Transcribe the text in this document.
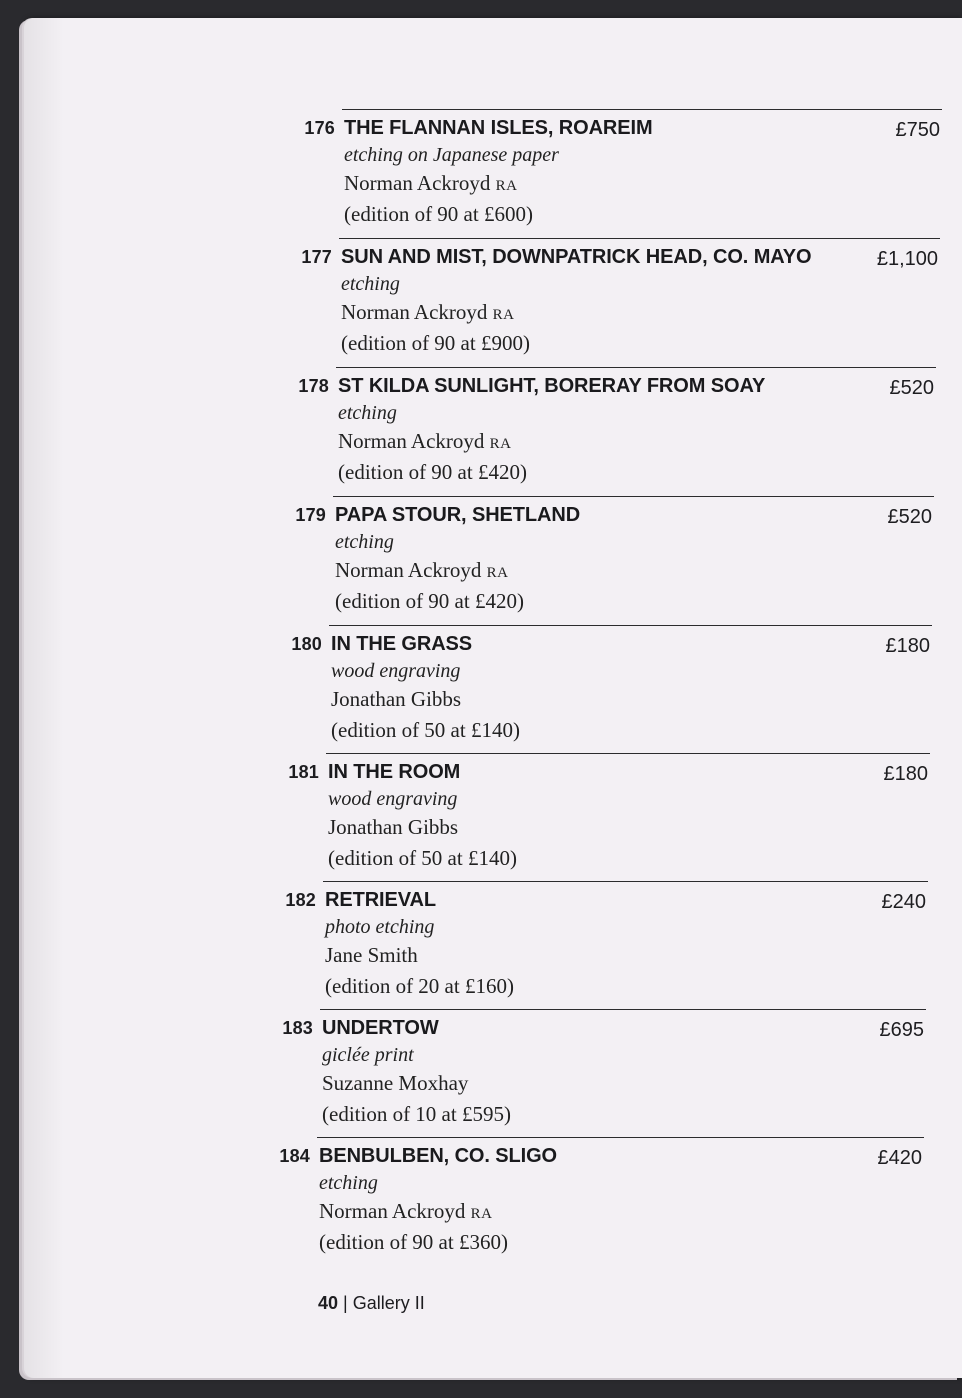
176 THE FLANNAN ISLES, ROAREIM
etching on Japanese paper
Norman Ackroyd RA
(edition of 90 at £600)
£750
177 SUN AND MIST, DOWNPATRICK HEAD, CO. MAYO
etching
Norman Ackroyd RA
(edition of 90 at £900)
£1,100
178 ST KILDA SUNLIGHT, BORERAY FROM SOAY
etching
Norman Ackroyd RA
(edition of 90 at £420)
£520
179 PAPA STOUR, SHETLAND
etching
Norman Ackroyd RA
(edition of 90 at £420)
£520
180 IN THE GRASS
wood engraving
Jonathan Gibbs
(edition of 50 at £140)
£180
181 IN THE ROOM
wood engraving
Jonathan Gibbs
(edition of 50 at £140)
£180
182 RETRIEVAL
photo etching
Jane Smith
(edition of 20 at £160)
£240
183 UNDERTOW
giclée print
Suzanne Moxhay
(edition of 10 at £595)
£695
184 BENBULBEN, CO. SLIGO
etching
Norman Ackroyd RA
(edition of 90 at £360)
£420
40 | Gallery II
